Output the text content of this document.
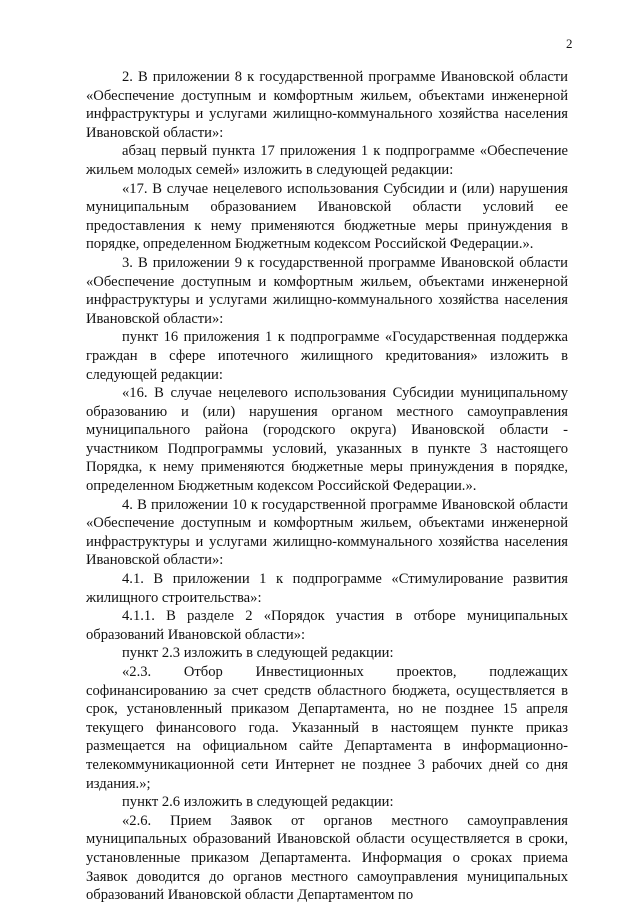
2

2. В приложении 8 к государственной программе Ивановской области «Обеспечение доступным и комфортным жильем, объектами инженерной инфраструктуры и услугами жилищно-коммунального хозяйства населения Ивановской области»:

абзац первый пункта 17 приложения 1 к подпрограмме «Обеспечение жильем молодых семей» изложить в следующей редакции:

«17. В случае нецелевого использования Субсидии и (или) нарушения муниципальным образованием Ивановской области условий ее предоставления к нему применяются бюджетные меры принуждения в порядке, определенном Бюджетным кодексом Российской Федерации.».

3. В приложении 9 к государственной программе Ивановской области «Обеспечение доступным и комфортным жильем, объектами инженерной инфраструктуры и услугами жилищно-коммунального хозяйства населения Ивановской области»:

пункт 16 приложения 1 к подпрограмме «Государственная поддержка граждан в сфере ипотечного жилищного кредитования» изложить в следующей редакции:

«16. В случае нецелевого использования Субсидии муниципальному образованию и (или) нарушения органом местного самоуправления муниципального района (городского округа) Ивановской области - участником Подпрограммы условий, указанных в пункте 3 настоящего Порядка, к нему применяются бюджетные меры принуждения в порядке, определенном Бюджетным кодексом Российской Федерации.».

4. В приложении 10 к государственной программе Ивановской области «Обеспечение доступным и комфортным жильем, объектами инженерной инфраструктуры и услугами жилищно-коммунального хозяйства населения Ивановской области»:

4.1. В приложении 1 к подпрограмме «Стимулирование развития жилищного строительства»:

4.1.1. В разделе 2 «Порядок участия в отборе муниципальных образований Ивановской области»:

пункт 2.3 изложить в следующей редакции:

«2.3. Отбор Инвестиционных проектов, подлежащих софинансированию за счет средств областного бюджета, осуществляется в срок, установленный приказом Департамента, но не позднее 15 апреля текущего финансового года. Указанный в настоящем пункте приказ размещается на официальном сайте Департамента в информационно-телекоммуникационной сети Интернет не позднее 3 рабочих дней со дня издания.»;

пункт 2.6 изложить в следующей редакции:

«2.6. Прием Заявок от органов местного самоуправления муниципальных образований Ивановской области осуществляется в сроки, установленные приказом Департамента. Информация о сроках приема Заявок доводится до органов местного самоуправления муниципальных образований Ивановской области Департаментом по
